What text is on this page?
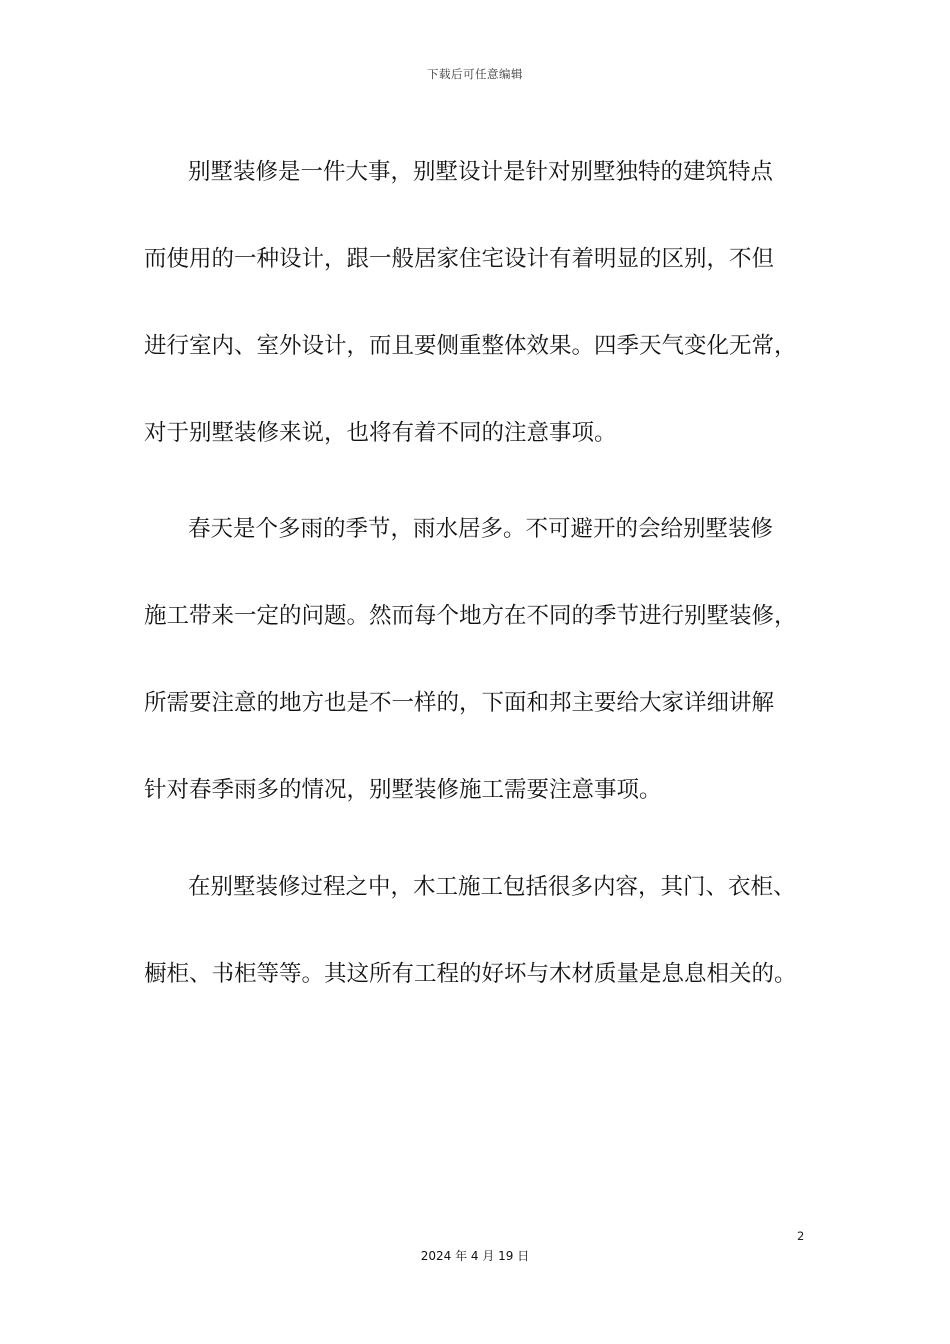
下载后可任意编辑
别墅装修是一件大事，别墅设计是针对别墅独特的建筑特点
而使用的一种设计，跟一般居家住宅设计有着明显的区别，不但
进行室内、室外设计，而且要侧重整体效果。四季天气变化无常，
对于别墅装修来说，也将有着不同的注意事项。
春天是个多雨的季节，雨水居多。不可避开的会给别墅装修
施工带来一定的问题。然而每个地方在不同的季节进行别墅装修，
所需要注意的地方也是不一样的，下面和邦主要给大家详细讲解
针对春季雨多的情况，别墅装修施工需要注意事项。
在别墅装修过程之中，木工施工包括很多内容，其门、衣柜、
橱柜、书柜等等。其这所有工程的好坏与木材质量是息息相关的。
2
2024 年 4 月 19 日
